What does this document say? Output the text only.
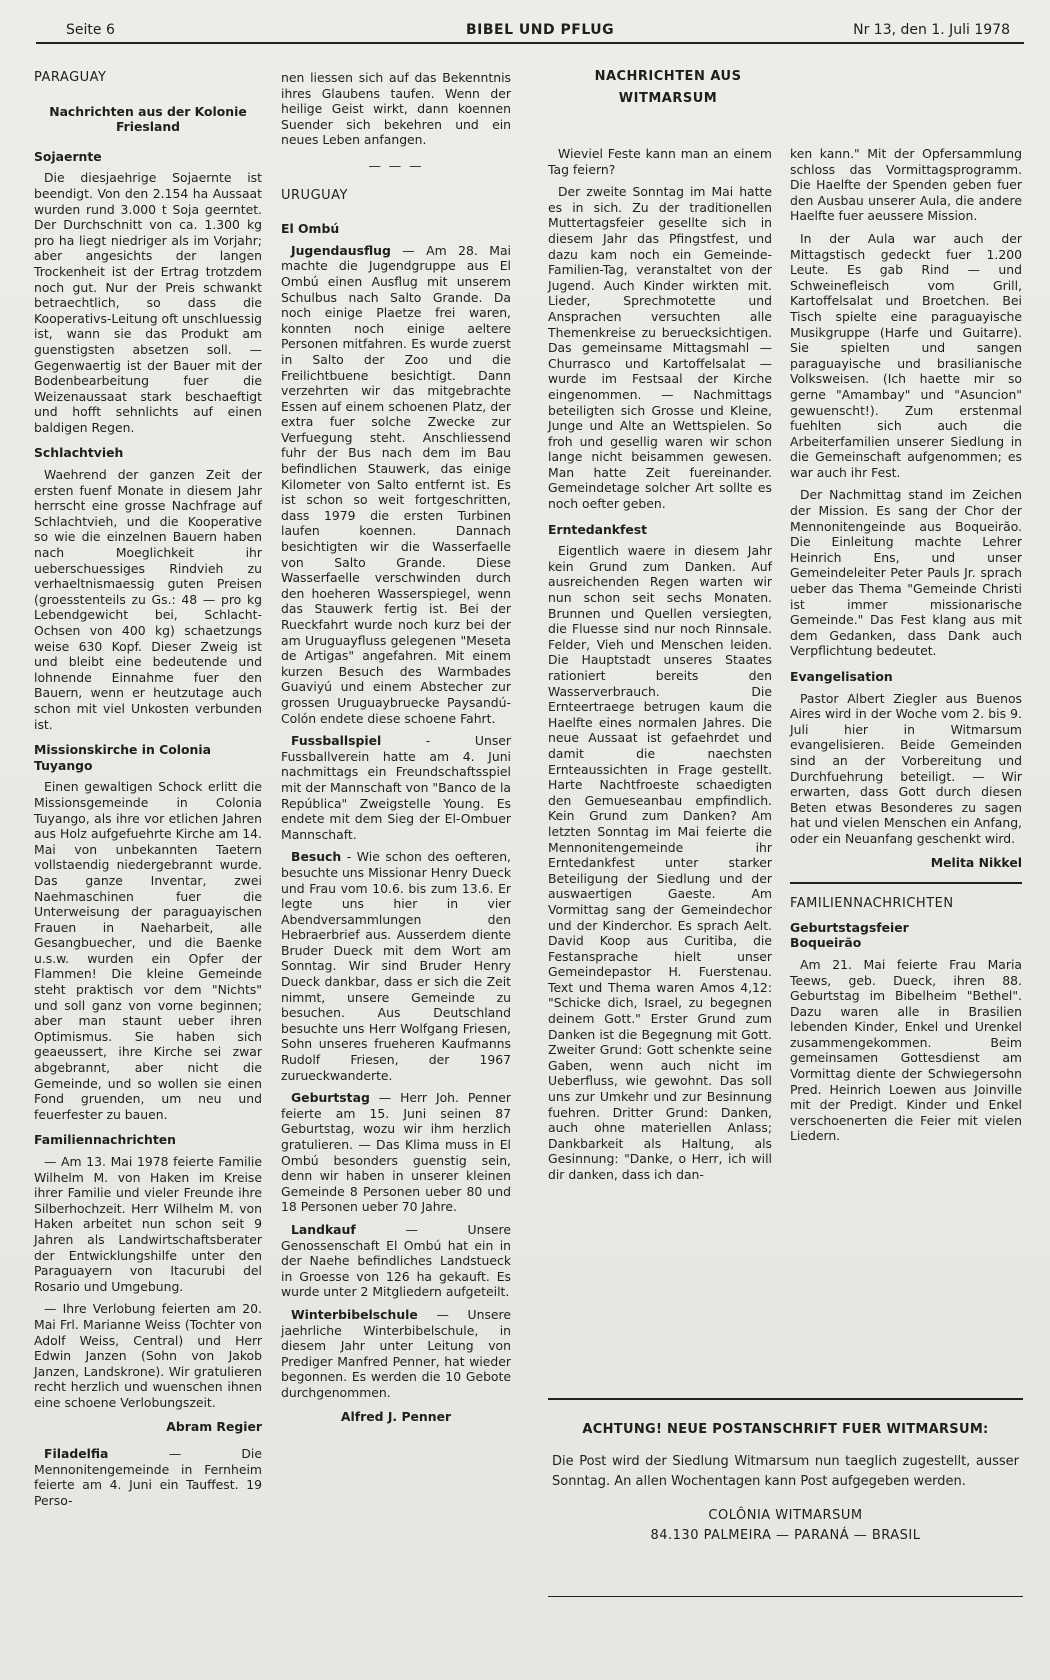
Seite 6	BIBEL UND PFLUG	Nr 13, den 1. Juli 1978
PARAGUAY
Nachrichten aus der Kolonie Friesland
Sojaernte

Die diesjaehrige Sojaernte ist beendigt. Von den 2.154 ha Aussaat wurden rund 3.000 t Soja geerntet. Der Durchschnitt von ca. 1.300 kg pro ha liegt niedriger als im Vorjahr; aber angesichts der langen Trockenheit ist der Ertrag trotzdem noch gut. Nur der Preis schwankt betraechtlich, so dass die Kooperativs-Leitung oft unschluessig ist, wann sie das Produkt am guenstigsten absetzen soll. — Gegenwaertig ist der Bauer mit der Bodenbearbeitung fuer die Weizenaussaat stark beschaeftigt und hofft sehnlichts auf einen baldigen Regen.

Schlachtvieh

Waehrend der ganzen Zeit der ersten fuenf Monate in diesem Jahr herrscht eine grosse Nachfrage auf Schlachtvieh, und die Kooperative so wie die einzelnen Bauern haben nach Moeglichkeit ihr ueberschuessiges Rindvieh zu verhaeltnismaessig guten Preisen (groesstenteils zu Gs.: 48 — pro kg Lebendgewicht bei, Schlacht-Ochsen von 400 kg) schaetzungs weise 630 Kopf. Dieser Zweig ist und bleibt eine bedeutende und lohnende Einnahme fuer den Bauern, wenn er heutzutage auch schon mit viel Unkosten verbunden ist.

Missionskirche in Colonia Tuyango

Einen gewaltigen Schock erlitt die Missionsgemeinde in Colonia Tuyango, als ihre vor etlichen Jahren aus Holz aufgefuehrte Kirche am 14. Mai von unbekannten Taetern vollstaendig niedergebrannt wurde. Das ganze Inventar, zwei Naehmaschinen fuer die Unterweisung der paraguayischen Frauen in Naeharbeit, alle Gesangbuecher, und die Baenke u.s.w. wurden ein Opfer der Flammen! Die kleine Gemeinde steht praktisch vor dem "Nichts" und soll ganz von vorne beginnen; aber man staunt ueber ihren Optimismus. Sie haben sich geaeussert, ihre Kirche sei zwar abgebrannt, aber nicht die Gemeinde, und so wollen sie einen Fond gruenden, um neu und feuerfester zu bauen.

Familiennachrichten

— Am 13. Mai 1978 feierte Familie Wilhelm M. von Haken im Kreise ihrer Familie und vieler Freunde ihre Silberhochzeit. Herr Wilhelm M. von Haken arbeitet nun schon seit 9 Jahren als Landwirtschaftsberater der Entwicklungshilfe unter den Paraguayern von Itacurubi del Rosario und Umgebung.

— Ihre Verlobung feierten am 20. Mai Frl. Marianne Weiss (Tochter von Adolf Weiss, Central) und Herr Edwin Janzen (Sohn von Jakob Janzen, Landskrone). Wir gratulieren recht herzlich und wuenschen ihnen eine schoene Verlobungszeit.

Abram Regier

Filadelfia — Die Mennonitengemeinde in Fernheim feierte am 4. Juni ein Tauffest. 19 Perso-

nen liessen sich auf das Bekenntnis ihres Glaubens taufen. Wenn der heilige Geist wirkt, dann koennen Suender sich bekehren und ein neues Leben anfangen.

— — —
URUGUAY
El Ombú

Jugendausflug — Am 28. Mai machte die Jugendgruppe aus El Ombú einen Ausflug mit unserem Schulbus nach Salto Grande. Da noch einige Plaetze frei waren, konnten noch einige aeltere Personen mitfahren. Es wurde zuerst in Salto der Zoo und die Freilichtbuene besichtigt. Dann verzehrten wir das mitgebrachte Essen auf einem schoenen Platz, der extra fuer solche Zwecke zur Verfuegung steht. Anschliessend fuhr der Bus nach dem im Bau befindlichen Stauwerk, das einige Kilometer von Salto entfernt ist. Es ist schon so weit fortgeschritten, dass 1979 die ersten Turbinen laufen koennen. Dannach besichtigten wir die Wasserfaelle von Salto Grande. Diese Wasserfaelle verschwinden durch den hoeheren Wasserspiegel, wenn das Stauwerk fertig ist. Bei der Rueckfahrt wurde noch kurz bei der am Uruguayfluss gelegenen "Meseta de Artigas" angefahren. Mit einem kurzen Besuch des Warmbades Guaviyú und einem Abstecher zur grossen Uruguaybruecke Paysandú-Colón endete diese schoene Fahrt.

Fussballspiel - Unser Fussballverein hatte am 4. Juni nachmittags ein Freundschaftsspiel mit der Mannschaft von "Banco de la República" Zweigstelle Young. Es endete mit dem Sieg der El-Ombuer Mannschaft.

Besuch - Wie schon des oefteren, besuchte uns Missionar Henry Dueck und Frau vom 10.6. bis zum 13.6. Er legte uns hier in vier Abendversammlungen den Hebraerbrief aus. Ausserdem diente Bruder Dueck mit dem Wort am Sonntag. Wir sind Bruder Henry Dueck dankbar, dass er sich die Zeit nimmt, unsere Gemeinde zu besuchen. Aus Deutschland besuchte uns Herr Wolfgang Friesen, Sohn unseres frueheren Kaufmanns Rudolf Friesen, der 1967 zurueckwanderte.

Geburtstag — Herr Joh. Penner feierte am 15. Juni seinen 87 Geburtstag, wozu wir ihm herzlich gratulieren. — Das Klima muss in El Ombú besonders guenstig sein, denn wir haben in unserer kleinen Gemeinde 8 Personen ueber 80 und 18 Personen ueber 70 Jahre.

Landkauf — Unsere Genossenschaft El Ombú hat ein in der Naehe befindliches Landstueck in Groesse von 126 ha gekauft. Es wurde unter 2 Mitgliedern aufgeteilt.

Winterbibelschule — Unsere jaehrliche Winterbibelschule, in diesem Jahr unter Leitung von Prediger Manfred Penner, hat wieder begonnen. Es werden die 10 Gebote durchgenommen.

Alfred J. Penner
NACHRICHTEN AUS WITMARSUM

Wieviel Feste kann man an einem Tag feiern?

Der zweite Sonntag im Mai hatte es in sich. Zu der traditionellen Muttertagsfeier gesellte sich in diesem Jahr das Pfingstfest, und dazu kam noch ein Gemeinde-Familien-Tag, veranstaltet von der Jugend. Auch Kinder wirkten mit. Lieder, Sprechmotette und Ansprachen versuchten alle Themenkreise zu beruecksichtigen. Das gemeinsame Mittagsmahl — Churrasco und Kartoffelsalat — wurde im Festsaal der Kirche eingenommen. — Nachmittags beteiligten sich Grosse und Kleine, Junge und Alte an Wettspielen. So froh und gesellig waren wir schon lange nicht beisammen gewesen. Man hatte Zeit fuereinander. Gemeindetage solcher Art sollte es noch oefter geben.

Erntedankfest

Eigentlich waere in diesem Jahr kein Grund zum Danken. Auf ausreichenden Regen warten wir nun schon seit sechs Monaten. Brunnen und Quellen versiegten, die Fluesse sind nur noch Rinnsale. Felder, Vieh und Menschen leiden. Die Hauptstadt unseres Staates rationiert bereits den Wasserverbrauch. Die Ernteertraege betrugen kaum die Haelfte eines normalen Jahres. Die neue Aussaat ist gefaehrdet und damit die naechsten Ernteaussichten in Frage gestellt. Harte Nachtfroeste schaedigten den Gemueseanbau empfindlich. Kein Grund zum Danken? Am letzten Sonntag im Mai feierte die Mennonitengemeinde ihr Erntedankfest unter starker Beteiligung der Siedlung und der auswaertigen Gaeste. Am Vormittag sang der Gemeindechor und der Kinderchor. Es sprach Aelt. David Koop aus Curitiba, die Festansprache hielt unser Gemeindepastor H. Fuerstenau. Text und Thema waren Amos 4,12: "Schicke dich, Israel, zu begegnen deinem Gott." Erster Grund zum Danken ist die Begegnung mit Gott. Zweiter Grund: Gott schenkte seine Gaben, wenn auch nicht im Ueberfluss, wie gewohnt. Das soll uns zur Umkehr und zur Besinnung fuehren. Dritter Grund: Danken, auch ohne materiellen Anlass; Dankbarkeit als Haltung, als Gesinnung: "Danke, o Herr, ich will dir danken, dass ich dan-

ken kann." Mit der Opfersammlung schloss das Vormittagsprogramm. Die Haelfte der Spenden geben fuer den Ausbau unserer Aula, die andere Haelfte fuer aeussere Mission.

In der Aula war auch der Mittagstisch gedeckt fuer 1.200 Leute. Es gab Rind — und Schweinefleisch vom Grill, Kartoffelsalat und Broetchen. Bei Tisch spielte eine paraguayische Musikgruppe (Harfe und Guitarre). Sie spielten und sangen paraguayische und brasilianische Volksweisen. (Ich haette mir so gerne "Amambay" und "Asuncion" gewuenscht!). Zum erstenmal fuehlten sich auch die Arbeiterfamilien unserer Siedlung in die Gemeinschaft aufgenommen; es war auch ihr Fest.

Der Nachmittag stand im Zeichen der Mission. Es sang der Chor der Mennonitengeinde aus Boqueirão. Die Einleitung machte Lehrer Heinrich Ens, und unser Gemeindeleiter Peter Pauls Jr. sprach ueber das Thema "Gemeinde Christi ist immer missionarische Gemeinde." Das Fest klang aus mit dem Gedanken, dass Dank auch Verpflichtung bedeutet.

Evangelisation

Pastor Albert Ziegler aus Buenos Aires wird in der Woche vom 2. bis 9. Juli hier in Witmarsum evangelisieren. Beide Gemeinden sind an der Vorbereitung und Durchfuehrung beteiligt. — Wir erwarten, dass Gott durch diesen Beten etwas Besonderes zu sagen hat und vielen Menschen ein Anfang, oder ein Neuanfang geschenkt wird.

Melita Nikkel
FAMILIENNACHRICHTEN
Geburtstagsfeier
Boqueirão

Am 21. Mai feierte Frau Maria Teews, geb. Dueck, ihren 88. Geburtstag im Bibelheim "Bethel". Dazu waren alle in Brasilien lebenden Kinder, Enkel und Urenkel zusammengekommen. Beim gemeinsamen Gottesdienst am Vormittag diente der Schwiegersohn Pred. Heinrich Loewen aus Joinville mit der Predigt. Kinder und Enkel verschoenerten die Feier mit vielen Liedern.

ACHTUNG! NEUE POSTANSCHRIFT FUER WITMARSUM:
Die Post wird der Siedlung Witmarsum nun taeglich zugestellt, ausser Sonntag. An allen Wochentagen kann Post aufgegeben werden.
COLÔNIA WITMARSUM
84.130 PALMEIRA — PARANÁ — BRASIL
